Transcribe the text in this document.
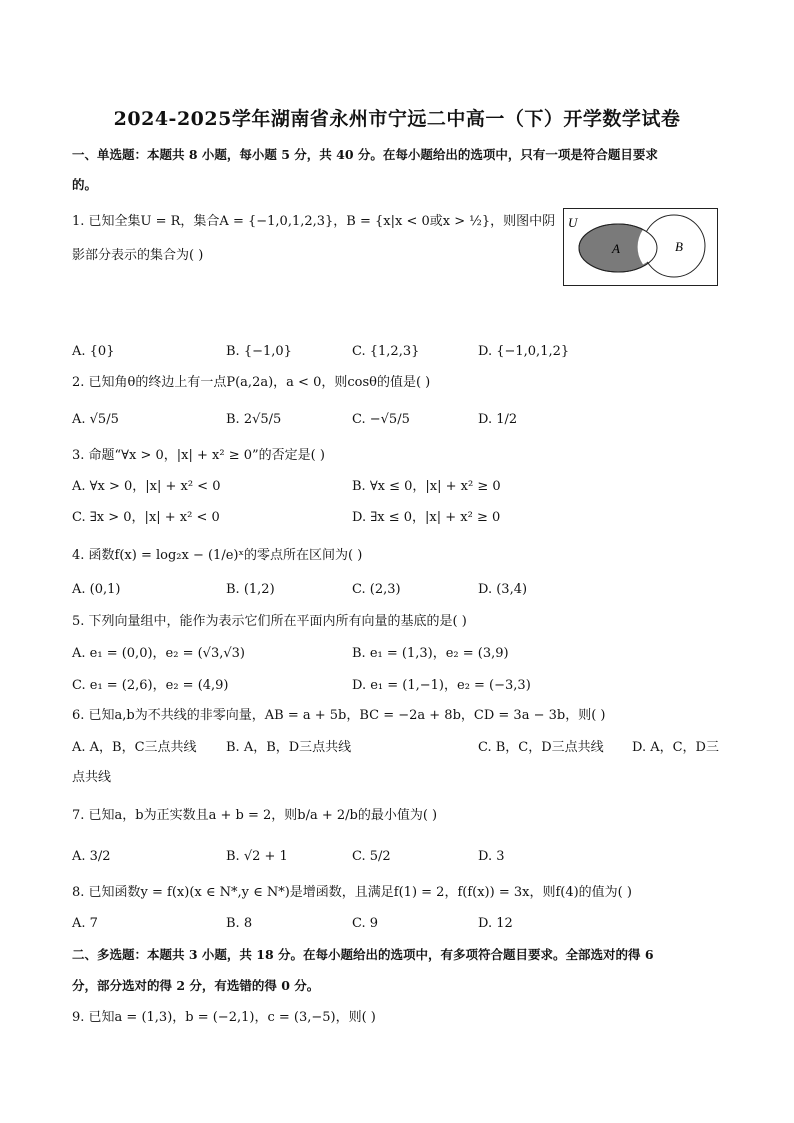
2024-2025学年湖南省永州市宁远二中高一（下）开学数学试卷
一、单选题：本题共 8 小题，每小题 5 分，共 40 分。在每小题给出的选项中，只有一项是符合题目要求
的。
1. 已知全集U = R，集合A = {−1,0,1,2,3}，B = {x|x < 0或x > ½}，则图中阴
影部分表示的集合为( )
U
A	B
A. {0}	B. {−1,0}	C. {1,2,3}	D. {−1,0,1,2}
2. 已知角θ的终边上有一点P(a,2a)，a < 0，则cosθ的值是( )
A. √5/5	B. 2√5/5	C. −√5/5	D. 1/2
3. 命题“∀x > 0，|x| + x² ≥ 0”的否定是( )
A. ∀x > 0，|x| + x² < 0	B. ∀x ≤ 0，|x| + x² ≥ 0
C. ∃x > 0，|x| + x² < 0	D. ∃x ≤ 0，|x| + x² ≥ 0
4. 函数f(x) = log₂x − (1/e)ˣ的零点所在区间为( )
A. (0,1)	B. (1,2)	C. (2,3)	D. (3,4)
5. 下列向量组中，能作为表示它们所在平面内所有向量的基底的是( )
A. e₁ = (0,0)，e₂ = (√3,√3)	B. e₁ = (1,3)，e₂ = (3,9)
C. e₁ = (2,6)，e₂ = (4,9)	D. e₁ = (1,−1)，e₂ = (−3,3)
6. 已知a,b为不共线的非零向量，AB = a + 5b，BC = −2a + 8b，CD = 3a − 3b，则( )
A. A，B，C三点共线 B. A，B，D三点共线	C. B，C，D三点共线 D. A，C，D三
点共线
7. 已知a，b为正实数且a + b = 2，则b/a + 2/b的最小值为( )
A. 3/2	B. √2 + 1	C. 5/2	D. 3
8. 已知函数y = f(x)(x ∈ N*,y ∈ N*)是增函数，且满足f(1) = 2，f(f(x)) = 3x，则f(4)的值为( )
A. 7	B. 8	C. 9	D. 12
二、多选题：本题共 3 小题，共 18 分。在每小题给出的选项中，有多项符合题目要求。全部选对的得 6
分，部分选对的得 2 分，有选错的得 0 分。
9. 已知a = (1,3)，b = (−2,1)，c = (3,−5)，则( )
